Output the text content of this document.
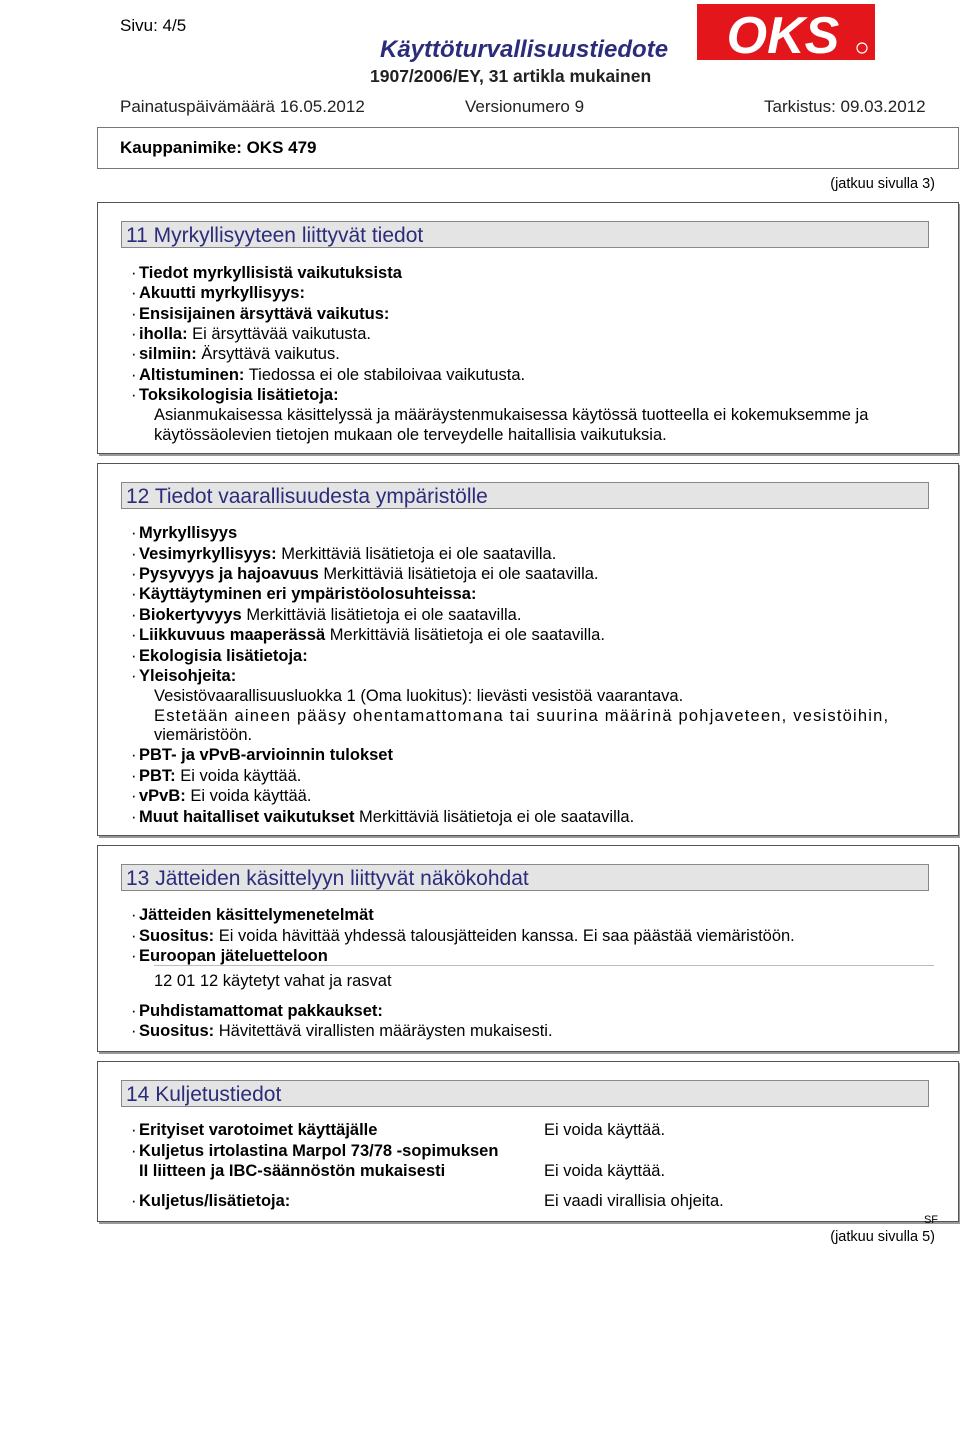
Sivu: 4/5
Käyttöturvallisuustiedote
1907/2006/EY, 31 artikla mukainen
OKS
Painatuspäivämäärä 16.05.2012	Versionumero 9	Tarkistus: 09.03.2012
Kauppanimike: OKS 479
(jatkuu sivulla 3)
11 Myrkyllisyyteen liittyvät tiedot
· Tiedot myrkyllisistä vaikutuksista
· Akuutti myrkyllisyys:
· Ensisijainen ärsyttävä vaikutus:
· iholla: Ei ärsyttävää vaikutusta.
· silmiin: Ärsyttävä vaikutus.
· Altistuminen: Tiedossa ei ole stabiloivaa vaikutusta.
· Toksikologisia lisätietoja:
Asianmukaisessa käsittelyssä ja määräystenmukaisessa käytössä tuotteella ei kokemuksemme ja
käytössäolevien tietojen mukaan ole terveydelle haitallisia vaikutuksia.
12 Tiedot vaarallisuudesta ympäristölle
· Myrkyllisyys
· Vesimyrkyllisyys: Merkittäviä lisätietoja ei ole saatavilla.
· Pysyvyys ja hajoavuus Merkittäviä lisätietoja ei ole saatavilla.
· Käyttäytyminen eri ympäristöolosuhteissa:
· Biokertyvyys Merkittäviä lisätietoja ei ole saatavilla.
· Liikkuvuus maaperässä Merkittäviä lisätietoja ei ole saatavilla.
· Ekologisia lisätietoja:
· Yleisohjeita:
Vesistövaarallisuusluokka 1 (Oma luokitus): lievästi vesistöä vaarantava.
Estetään aineen pääsy ohentamattomana tai suurina määrinä pohjaveteen, vesistöihin,
viemäristöön.
· PBT- ja vPvB-arvioinnin tulokset
· PBT: Ei voida käyttää.
· vPvB: Ei voida käyttää.
· Muut haitalliset vaikutukset Merkittäviä lisätietoja ei ole saatavilla.
13 Jätteiden käsittelyyn liittyvät näkökohdat
· Jätteiden käsittelymenetelmät
· Suositus: Ei voida hävittää yhdessä talousjätteiden kanssa. Ei saa päästää viemäristöön.
· Euroopan jäteluetteloon
12 01 12 käytetyt vahat ja rasvat
· Puhdistamattomat pakkaukset:
· Suositus: Hävitettävä virallisten määräysten mukaisesti.
14 Kuljetustiedot
· Erityiset varotoimet käyttäjälle	Ei voida käyttää.
· Kuljetus irtolastina Marpol 73/78 -sopimuksen
II liitteen ja IBC-säännöstön mukaisesti	Ei voida käyttää.
· Kuljetus/lisätietoja:	Ei vaadi virallisia ohjeita.
SF
(jatkuu sivulla 5)
